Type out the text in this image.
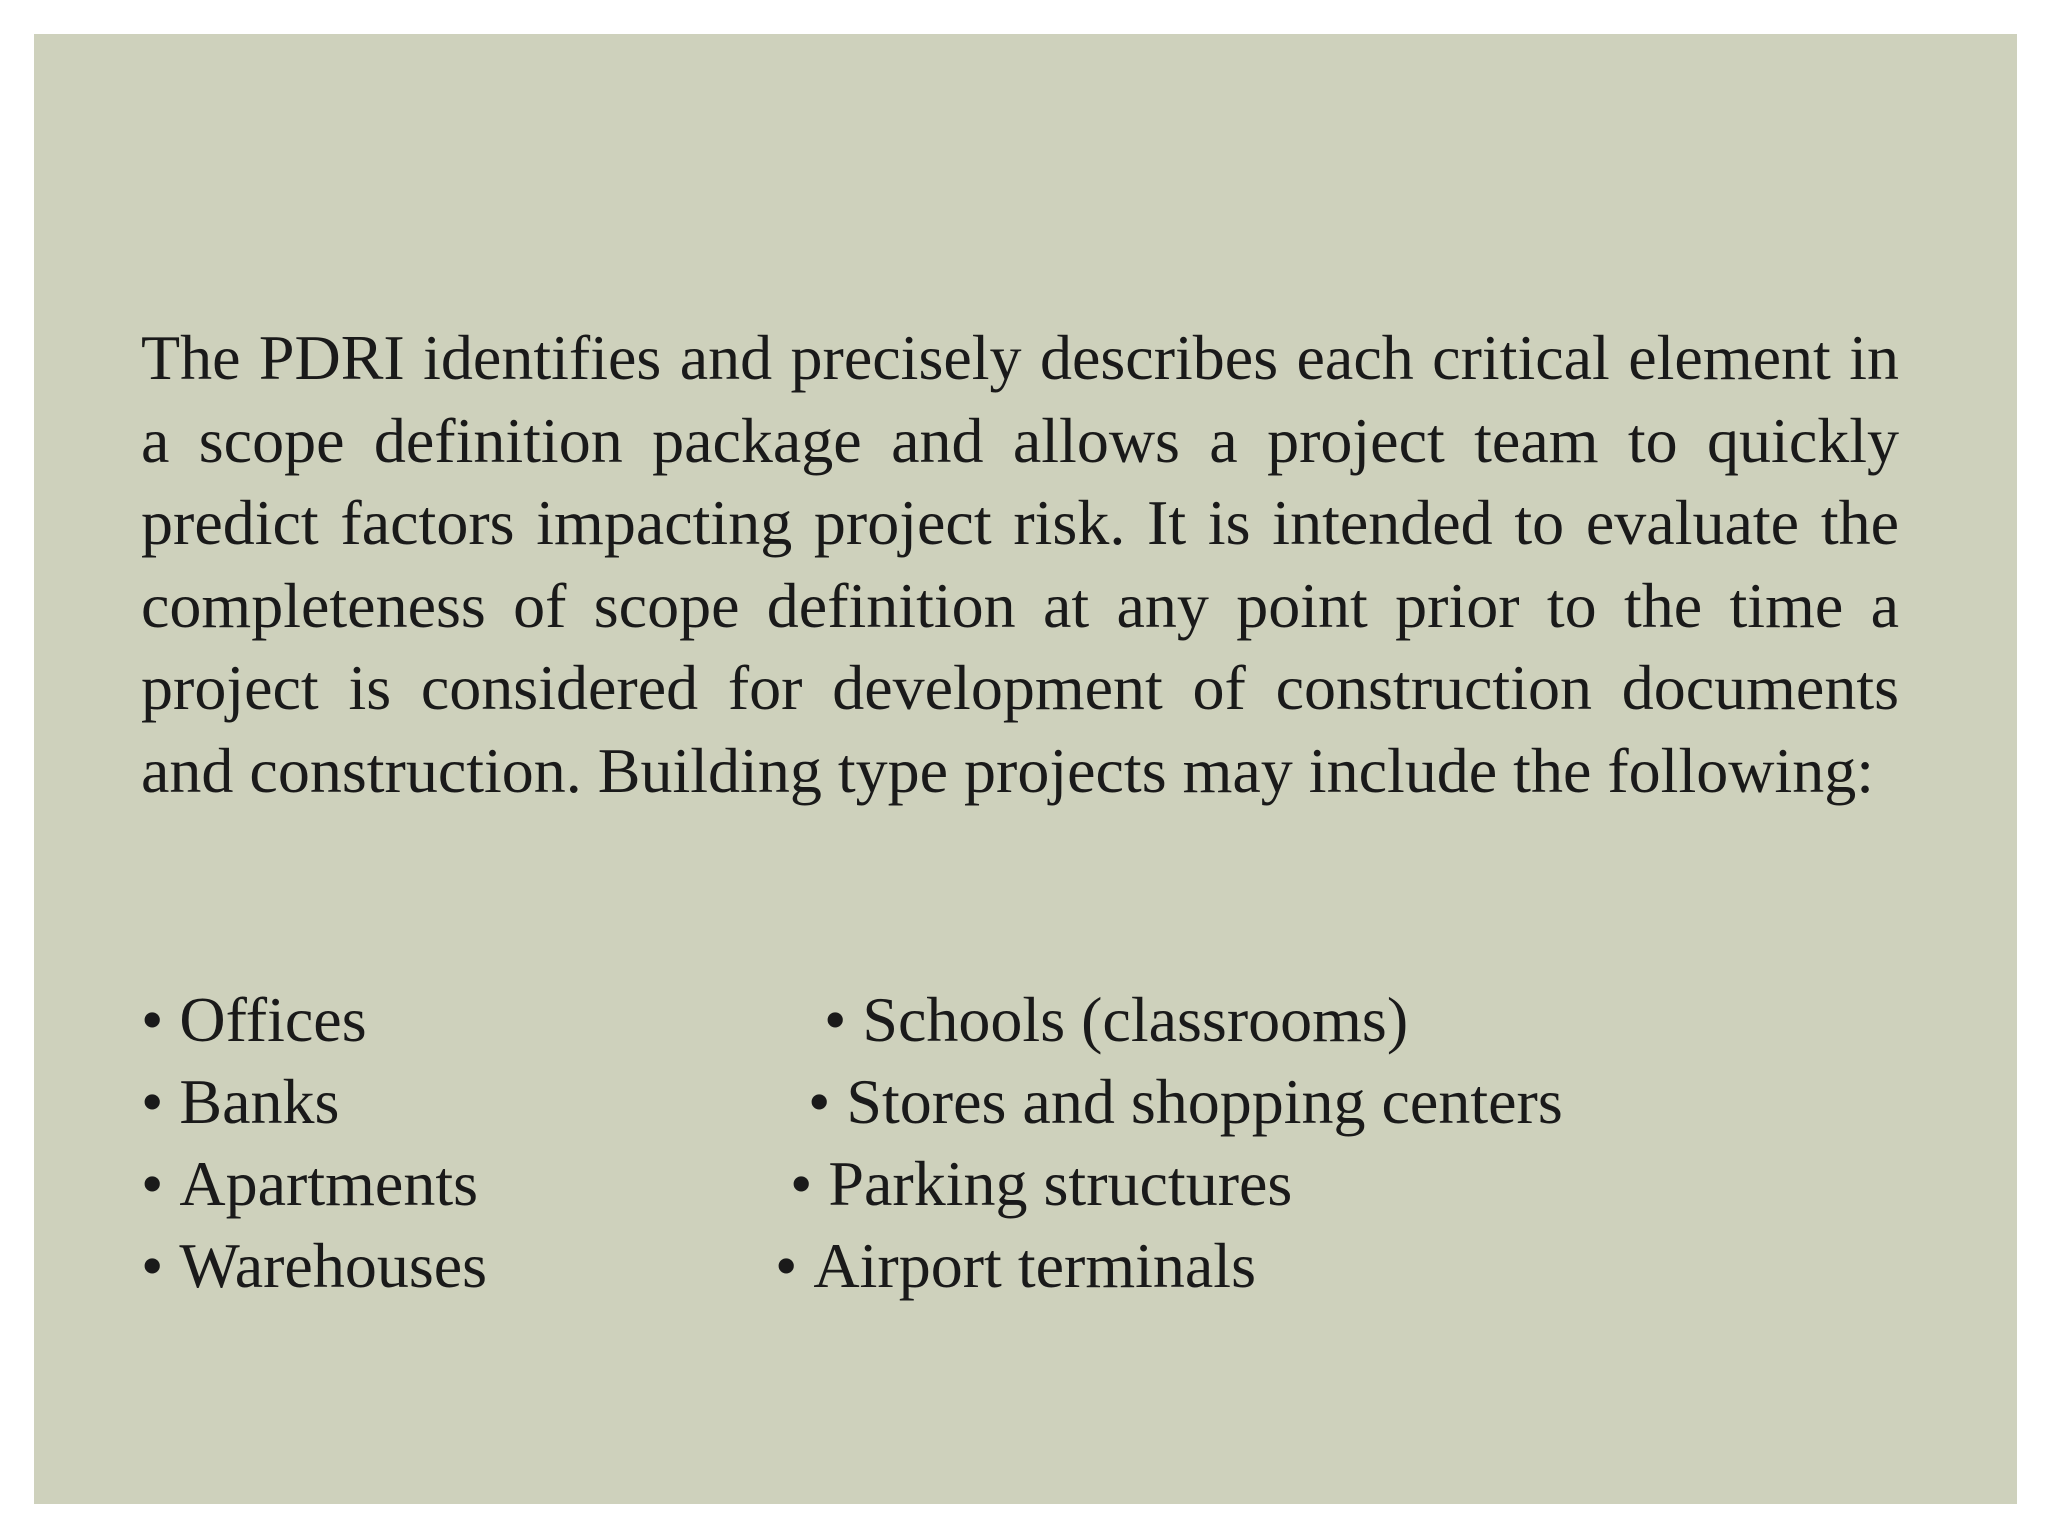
The PDRI identifies and precisely describes each critical element in a scope definition package and allows a project team to quickly predict factors impacting project risk. It is intended to evaluate the completeness of scope definition at any point prior to the time a project is considered for development of construction documents and construction. Building type projects may include the following:

• Offices
• Banks
• Apartments
• Warehouses
• Schools (classrooms)
• Stores and shopping centers
• Parking structures
• Airport terminals
